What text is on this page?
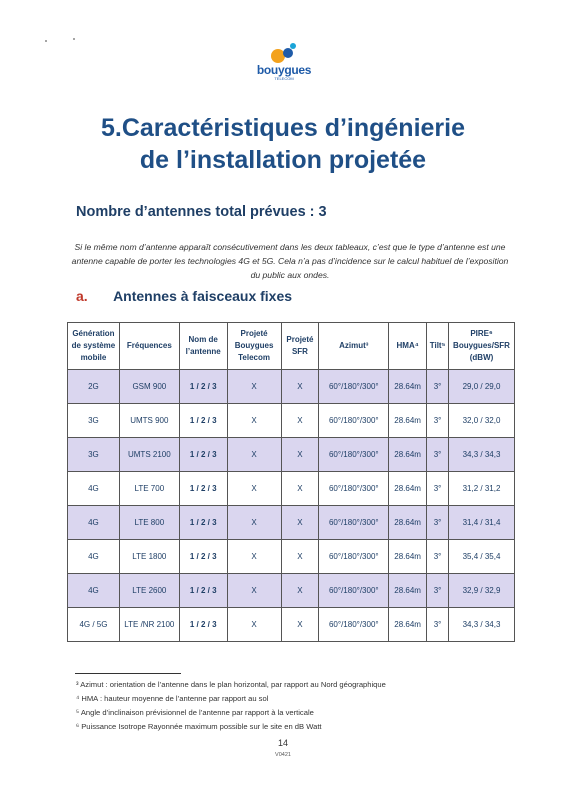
bouygues
TELECOM
5.Caractéristiques d’ingénierie
de l’installation projetée
Nombre d’antennes total prévues : 3
Si le même nom d’antenne apparaît consécutivement dans les deux tableaux, c’est que le type d’antenne est une antenne capable de porter les technologies 4G et 5G. Cela n’a pas d’incidence sur le calcul habituel de l’exposition du public aux ondes.
a. Antennes à faisceaux fixes
Génération de système mobile	Fréquences	Nom de l’antenne	Projeté Bouygues Telecom	Projeté SFR	Azimut³	HMA⁴	Tilt⁵	PIRE⁶ Bouygues/SFR (dBW)
2G	GSM 900	1 / 2 / 3	X	X	60°/180°/300°	28.64m	3°	29,0 / 29,0
3G	UMTS 900	1 / 2 / 3	X	X	60°/180°/300°	28.64m	3°	32,0 / 32,0
3G	UMTS 2100	1 / 2 / 3	X	X	60°/180°/300°	28.64m	3°	34,3 / 34,3
4G	LTE 700	1 / 2 / 3	X	X	60°/180°/300°	28.64m	3°	31,2 / 31,2
4G	LTE 800	1 / 2 / 3	X	X	60°/180°/300°	28.64m	3°	31,4 / 31,4
4G	LTE 1800	1 / 2 / 3	X	X	60°/180°/300°	28.64m	3°	35,4 / 35,4
4G	LTE 2600	1 / 2 / 3	X	X	60°/180°/300°	28.64m	3°	32,9 / 32,9
4G / 5G	LTE /NR 2100	1 / 2 / 3	X	X	60°/180°/300°	28.64m	3°	34,3 / 34,3
³ Azimut : orientation de l’antenne dans le plan horizontal, par rapport au Nord géographique
⁴ HMA : hauteur moyenne de l’antenne par rapport au sol
⁵ Angle d’inclinaison prévisionnel de l’antenne par rapport à la verticale
⁶ Puissance Isotrope Rayonnée maximum possible sur le site en dB Watt
14
V0421
